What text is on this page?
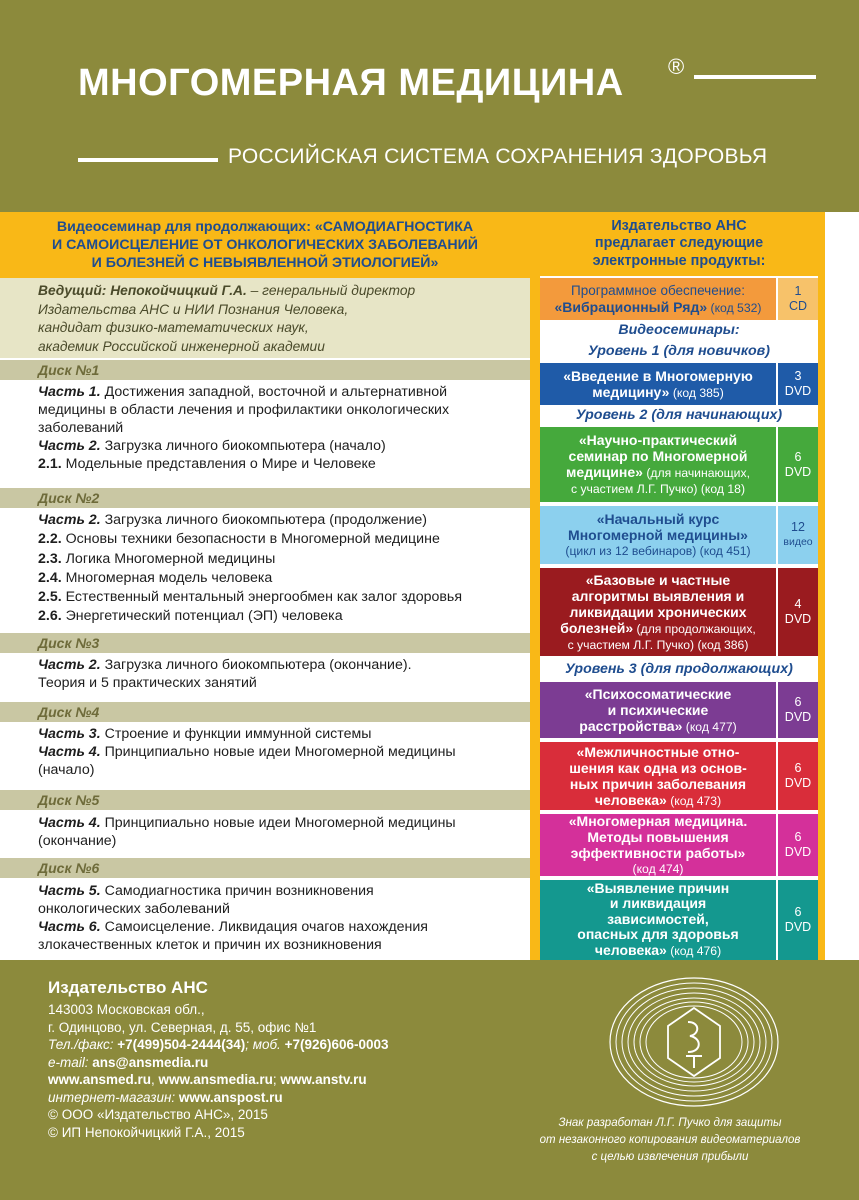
МНОГОМЕРНАЯ МЕДИЦИНА ®
РОССИЙСКАЯ СИСТЕМА СОХРАНЕНИЯ ЗДОРОВЬЯ
Видеосеминар для продолжающих: «САМОДИАГНОСТИКА
И САМОИСЦЕЛЕНИЕ ОТ ОНКОЛОГИЧЕСКИХ ЗАБОЛЕВАНИЙ
И БОЛЕЗНЕЙ С НЕВЫЯВЛЕННОЙ ЭТИОЛОГИЕЙ»
Ведущий: Непокойчицкий Г.А. – генеральный директор
Издательства АНС и НИИ Познания Человека,
кандидат физико-математических наук,
академик Российской инженерной академии
Диск №1
Часть 1. Достижения западной, восточной и альтернативной
медицины в области лечения и профилактики онкологических
заболеваний
Часть 2. Загрузка личного биокомпьютера (начало)
2.1. Модельные представления о Мире и Человеке
Диск №2
Часть 2. Загрузка личного биокомпьютера (продолжение)
2.2. Основы техники безопасности в Многомерной медицине
2.3. Логика Многомерной медицины
2.4. Многомерная модель человека
2.5. Естественный ментальный энергообмен как залог здоровья
2.6. Энергетический потенциал (ЭП) человека
Диск №3
Часть 2. Загрузка личного биокомпьютера (окончание).
Теория и 5 практических занятий
Диск №4
Часть 3. Строение и функции иммунной системы
Часть 4. Принципиально новые идеи Многомерной медицины
(начало)
Диск №5
Часть 4. Принципиально новые идеи Многомерной медицины
(окончание)
Диск №6
Часть 5. Самодиагностика причин возникновения
онкологических заболеваний
Часть 6. Самоисцеление. Ликвидация очагов нахождения
злокачественных клеток и причин их возникновения
Издательство АНС
предлагает следующие
электронные продукты:
Программное обеспечение:
«Вибрационный Ряд» (код 532)
1
CD
Видеосеминары:
Уровень 1 (для новичков)
«Введение в Многомерную
медицину» (код 385)
3
DVD
Уровень 2 (для начинающих)
«Научно-практический
семинар по Многомерной
медицине» (для начинающих,
с участием Л.Г. Пучко) (код 18)
6
DVD
«Начальный курс
Многомерной медицины»
(цикл из 12 вебинаров) (код 451)
12
видео
«Базовые и частные
алгоритмы выявления и
ликвидации хронических
болезней» (для продолжающих,
с участием Л.Г. Пучко) (код 386)
4
DVD
Уровень 3 (для продолжающих)
«Психосоматические
и психические
расстройства» (код 477)
6
DVD
«Межличностные отно-
шения как одна из основ-
ных причин заболевания
человека» (код 473)
6
DVD
«Многомерная медицина.
Методы повышения
эффективности работы»
(код 474)
6
DVD
«Выявление причин
и ликвидация
зависимостей,
опасных для здоровья
человека» (код 476)
6
DVD
Издательство АНС
143003 Московская обл.,
г. Одинцово, ул. Северная, д. 55, офис №1
Тел./факс: +7(499)504-2444(34); моб. +7(926)606-0003
e-mail: ans@ansmedia.ru
www.ansmed.ru, www.ansmedia.ru; www.anstv.ru
интернет-магазин: www.anspost.ru
© ООО «Издательство АНС», 2015
© ИП Непокойчицкий Г.А., 2015
Знак разработан Л.Г. Пучко для защиты
от незаконного копирования видеоматериалов
с целью извлечения прибыли
